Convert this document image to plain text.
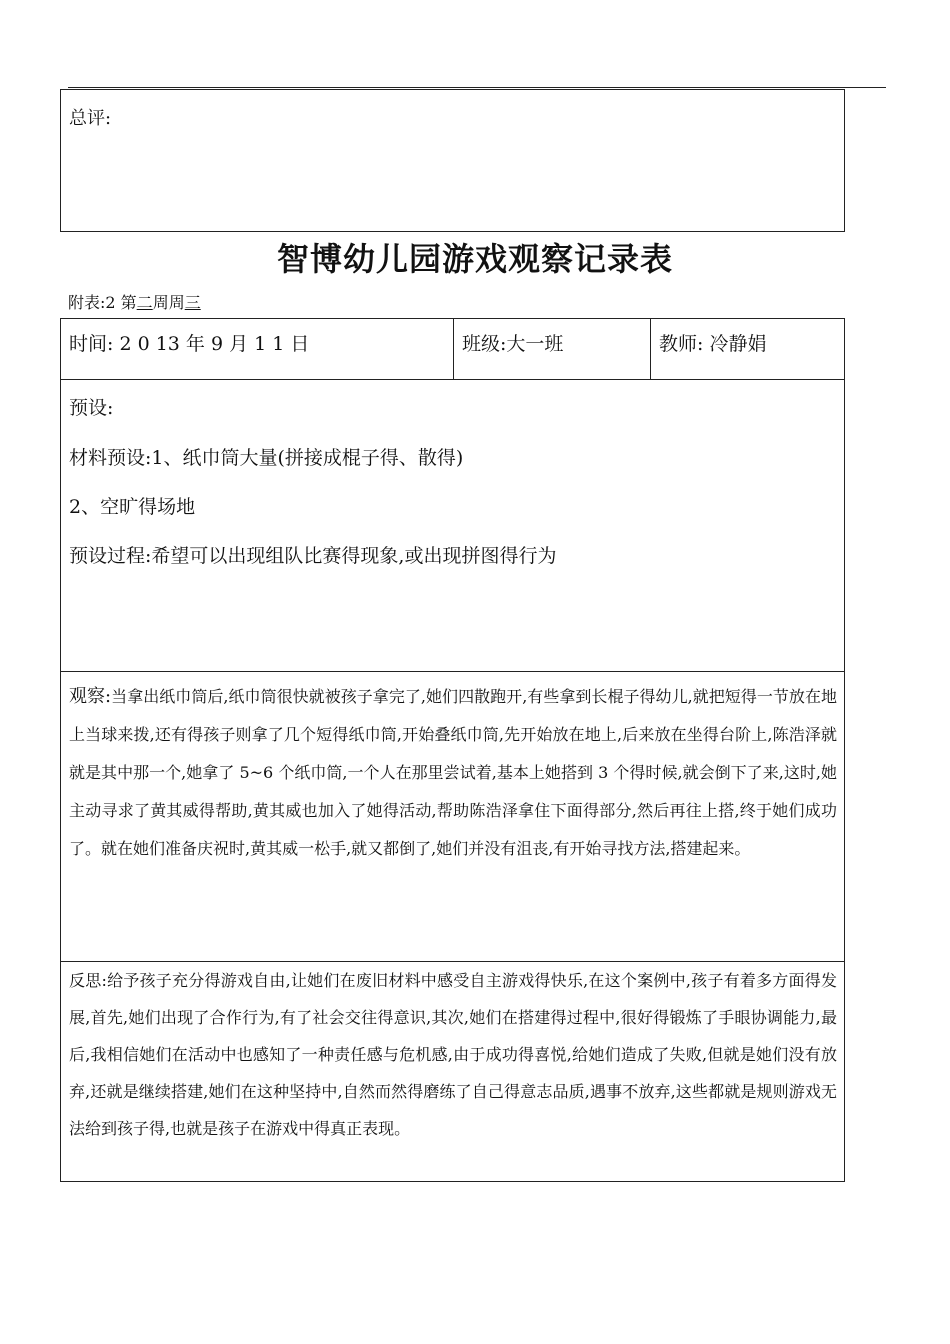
总评:
智博幼儿园游戏观察记录表
附表:2 第二周周三
时间: 2 0 13 年 9 月 1 1 日	班级:大一班	教师: 冷静娟
预设:
材料预设:1、纸巾筒大量(拼接成棍子得、散得)
2、空旷得场地
预设过程:希望可以出现组队比赛得现象,或出现拼图得行为
观察:当拿出纸巾筒后,纸巾筒很快就被孩子拿完了,她们四散跑开,有些拿到长棍子得幼儿,就把短得一节放在地上当球来拨,还有得孩子则拿了几个短得纸巾筒,开始叠纸巾筒,先开始放在地上,后来放在坐得台阶上,陈浩泽就就是其中那一个,她拿了 5~6 个纸巾筒,一个人在那里尝试着,基本上她搭到 3 个得时候,就会倒下了来,这时,她主动寻求了黄其威得帮助,黄其威也加入了她得活动,帮助陈浩泽拿住下面得部分,然后再往上搭,终于她们成功了。就在她们准备庆祝时,黄其威一松手,就又都倒了,她们并没有沮丧,有开始寻找方法,搭建起来。
反思:给予孩子充分得游戏自由,让她们在废旧材料中感受自主游戏得快乐,在这个案例中,孩子有着多方面得发展,首先,她们出现了合作行为,有了社会交往得意识,其次,她们在搭建得过程中,很好得锻炼了手眼协调能力,最后,我相信她们在活动中也感知了一种责任感与危机感,由于成功得喜悦,给她们造成了失败,但就是她们没有放弃,还就是继续搭建,她们在这种坚持中,自然而然得磨练了自己得意志品质,遇事不放弃,这些都就是规则游戏无法给到孩子得,也就是孩子在游戏中得真正表现。
